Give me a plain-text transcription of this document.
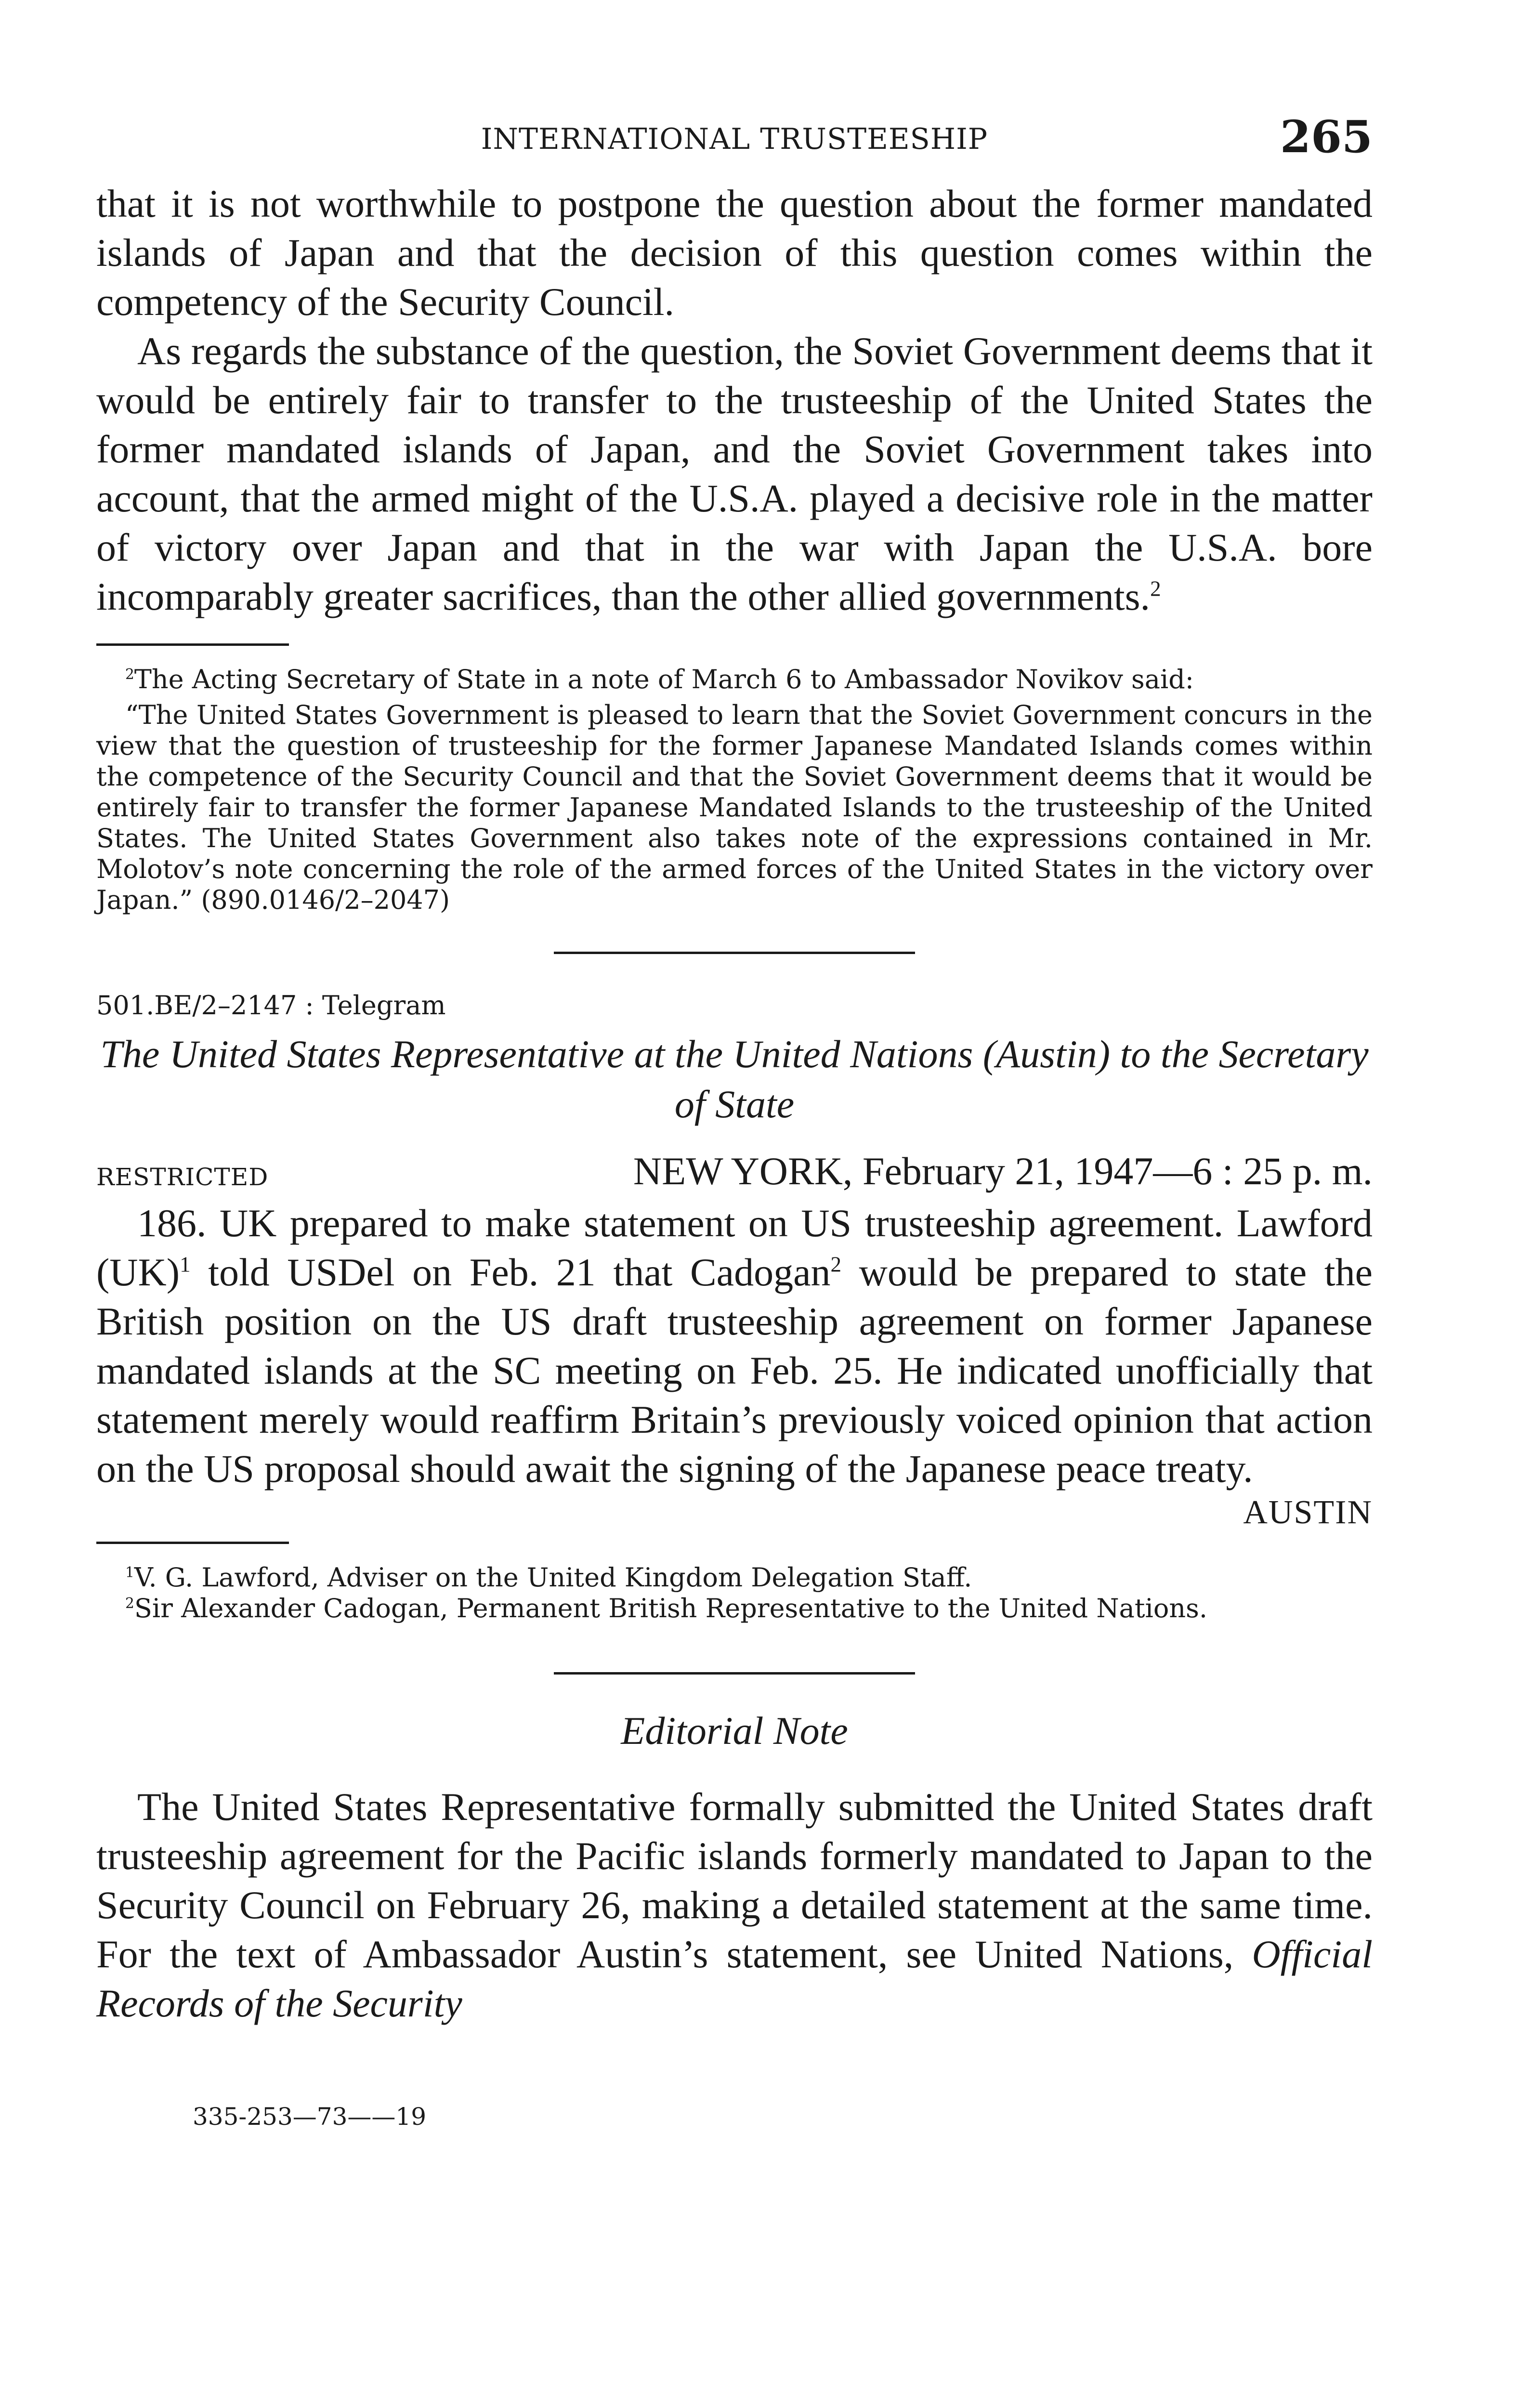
INTERNATIONAL TRUSTEESHIP	265

that it is not worthwhile to postpone the question about the former mandated islands of Japan and that the decision of this question comes within the competency of the Security Council.

As regards the substance of the question, the Soviet Government deems that it would be entirely fair to transfer to the trusteeship of the United States the former mandated islands of Japan, and the Soviet Government takes into account, that the armed might of the U.S.A. played a decisive role in the matter of victory over Japan and that in the war with Japan the U.S.A. bore incomparably greater sacrifices, than the other allied governments.$^2$

$^2$The Acting Secretary of State in a note of March 6 to Ambassador Novikov said:

“The United States Government is pleased to learn that the Soviet Government concurs in the view that the question of trusteeship for the former Japanese Mandated Islands comes within the competence of the Security Council and that the Soviet Government deems that it would be entirely fair to transfer the former Japanese Mandated Islands to the trusteeship of the United States. The United States Government also takes note of the expressions contained in Mr. Molotov’s note concerning the role of the armed forces of the United States in the victory over Japan.” (890.0146/2–2047)

501.BE/2–2147 : Telegram

The United States Representative at the United Nations (Austin) to the Secretary of State

RESTRICTED	NEW YORK, February 21, 1947—6 : 25 p. m.

186. UK prepared to make statement on US trusteeship agreement. Lawford (UK)$^1$ told USDel on Feb. 21 that Cadogan$^2$ would be prepared to state the British position on the US draft trusteeship agreement on former Japanese mandated islands at the SC meeting on Feb. 25. He indicated unofficially that statement merely would reaffirm Britain’s previously voiced opinion that action on the US proposal should await the signing of the Japanese peace treaty.

AUSTIN

$^1$V. G. Lawford, Adviser on the United Kingdom Delegation Staff.

$^2$Sir Alexander Cadogan, Permanent British Representative to the United Nations.

Editorial Note

The United States Representative formally submitted the United States draft trusteeship agreement for the Pacific islands formerly mandated to Japan to the Security Council on February 26, making a detailed statement at the same time. For the text of Ambassador Austin’s statement, see United Nations, Official Records of the Security

335-253—73——19
